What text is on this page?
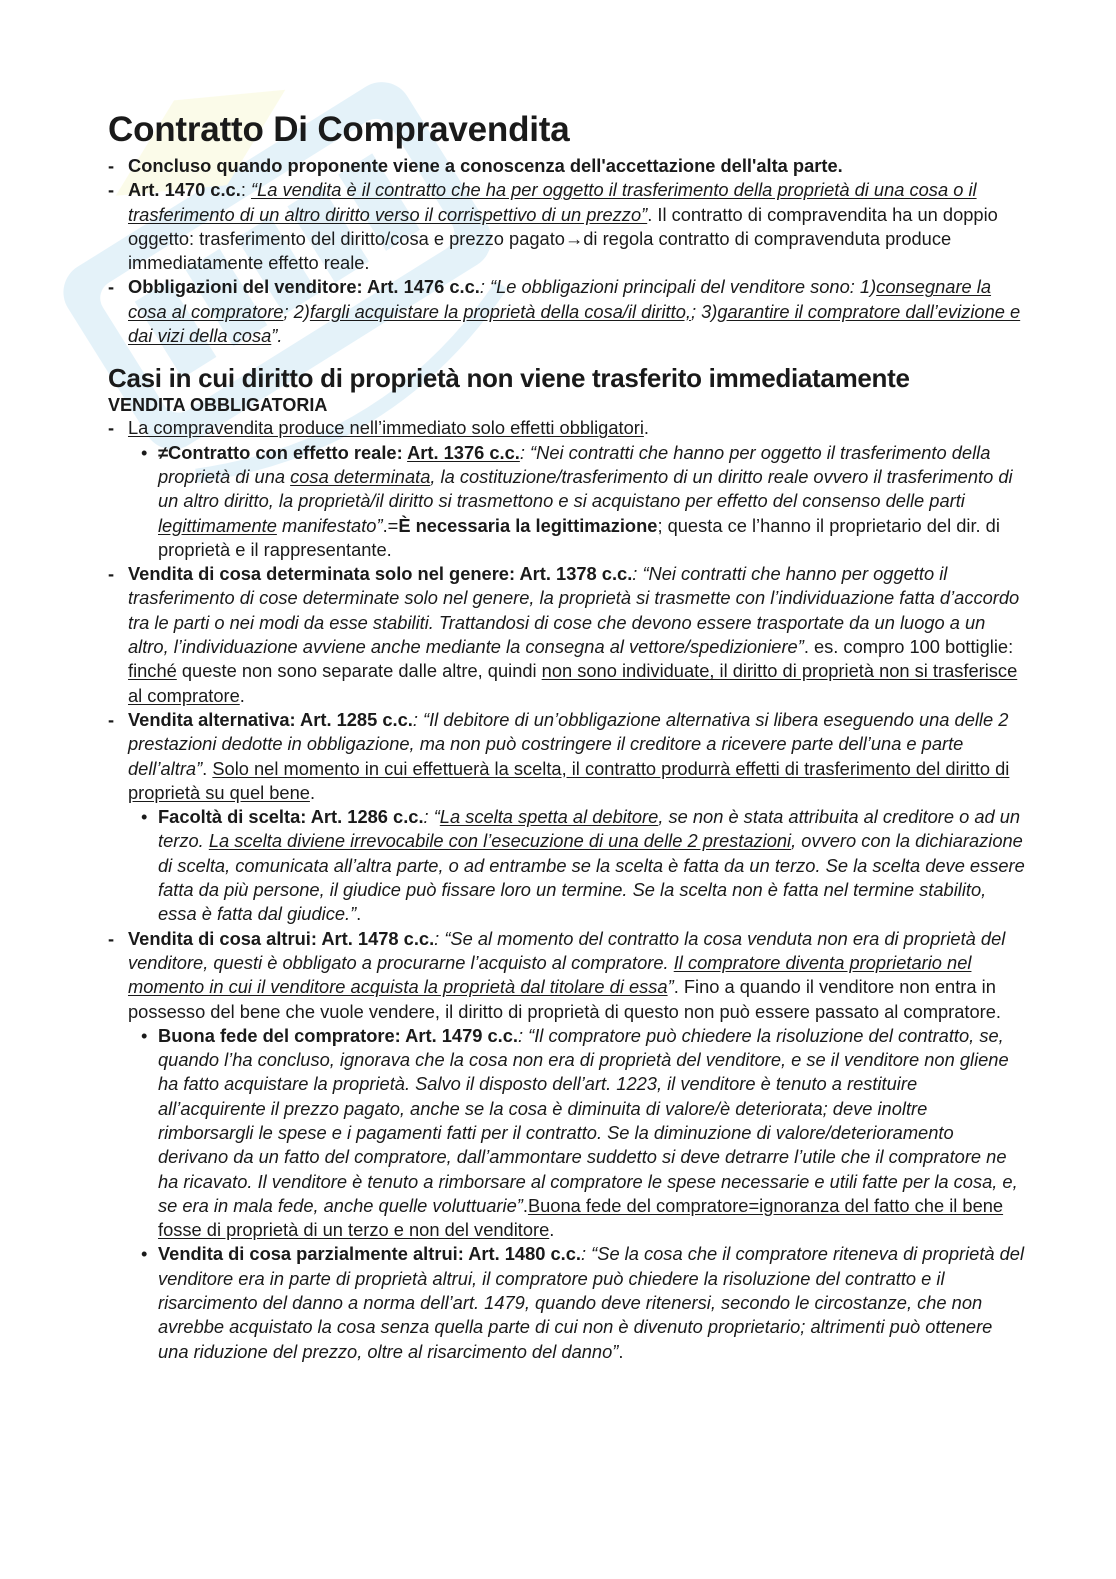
Contratto Di Compravendita
- Concluso quando proponente viene a conoscenza dell'accettazione dell'alta parte.
- Art. 1470 c.c.: “La vendita è il contratto che ha per oggetto il trasferimento della proprietà di una cosa o il trasferimento di un altro diritto verso il corrispettivo di un prezzo”. Il contratto di compravendita ha un doppio oggetto: trasferimento del diritto/cosa e prezzo pagato→di regola contratto di compravenduta produce immediatamente effetto reale.
- Obbligazioni del venditore: Art. 1476 c.c.: “Le obbligazioni principali del venditore sono: 1)consegnare la cosa al compratore; 2)fargli acquistare la proprietà della cosa/il diritto,; 3)garantire il compratore dall’evizione e dai vizi della cosa”.
Casi in cui diritto di proprietà non viene trasferito immediatamente
VENDITA OBBLIGATORIA
- La compravendita produce nell’immediato solo effetti obbligatori.
• ≠Contratto con effetto reale: Art. 1376 c.c.: “Nei contratti che hanno per oggetto il trasferimento della proprietà di una cosa determinata, la costituzione/trasferimento di un diritto reale ovvero il trasferimento di un altro diritto, la proprietà/il diritto si trasmettono e si acquistano per effetto del consenso delle parti legittimamente manifestato”.=È necessaria la legittimazione; questa ce l’hanno il proprietario del dir. di proprietà e il rappresentante.
- Vendita di cosa determinata solo nel genere: Art. 1378 c.c.: “Nei contratti che hanno per oggetto il trasferimento di cose determinate solo nel genere, la proprietà si trasmette con l’individuazione fatta d’accordo tra le parti o nei modi da esse stabiliti. Trattandosi di cose che devono essere trasportate da un luogo a un altro, l’individuazione avviene anche mediante la consegna al vettore/spedizioniere”. es. compro 100 bottiglie: finché queste non sono separate dalle altre, quindi non sono individuate, il diritto di proprietà non si trasferisce al compratore.
- Vendita alternativa: Art. 1285 c.c.: “Il debitore di un’obbligazione alternativa si libera eseguendo una delle 2 prestazioni dedotte in obbligazione, ma non può costringere il creditore a ricevere parte dell’una e parte dell’altra”. Solo nel momento in cui effettuerà la scelta, il contratto produrrà effetti di trasferimento del diritto di proprietà su quel bene.
• Facoltà di scelta: Art. 1286 c.c.: “La scelta spetta al debitore, se non è stata attribuita al creditore o ad un terzo. La scelta diviene irrevocabile con l’esecuzione di una delle 2 prestazioni, ovvero con la dichiarazione di scelta, comunicata all’altra parte, o ad entrambe se la scelta è fatta da un terzo. Se la scelta deve essere fatta da più persone, il giudice può fissare loro un termine. Se la scelta non è fatta nel termine stabilito, essa è fatta dal giudice.”.
- Vendita di cosa altrui: Art. 1478 c.c.: “Se al momento del contratto la cosa venduta non era di proprietà del venditore, questi è obbligato a procurarne l’acquisto al compratore. Il compratore diventa proprietario nel momento in cui il venditore acquista la proprietà dal titolare di essa”. Fino a quando il venditore non entra in possesso del bene che vuole vendere, il diritto di proprietà di questo non può essere passato al compratore.
• Buona fede del compratore: Art. 1479 c.c.: “Il compratore può chiedere la risoluzione del contratto, se, quando l’ha concluso, ignorava che la cosa non era di proprietà del venditore, e se il venditore non gliene ha fatto acquistare la proprietà. Salvo il disposto dell’art. 1223, il venditore è tenuto a restituire all’acquirente il prezzo pagato, anche se la cosa è diminuita di valore/è deteriorata; deve inoltre rimborsargli le spese e i pagamenti fatti per il contratto. Se la diminuzione di valore/deterioramento derivano da un fatto del compratore, dall’ammontare suddetto si deve detrarre l’utile che il compratore ne ha ricavato. Il venditore è tenuto a rimborsare al compratore le spese necessarie e utili fatte per la cosa, e, se era in mala fede, anche quelle voluttuarie”.Buona fede del compratore=ignoranza del fatto che il bene fosse di proprietà di un terzo e non del venditore.
• Vendita di cosa parzialmente altrui: Art. 1480 c.c.: “Se la cosa che il compratore riteneva di proprietà del venditore era in parte di proprietà altrui, il compratore può chiedere la risoluzione del contratto e il risarcimento del danno a norma dell’art. 1479, quando deve ritenersi, secondo le circostanze, che non avrebbe acquistato la cosa senza quella parte di cui non è divenuto proprietario; altrimenti può ottenere una riduzione del prezzo, oltre al risarcimento del danno”.
